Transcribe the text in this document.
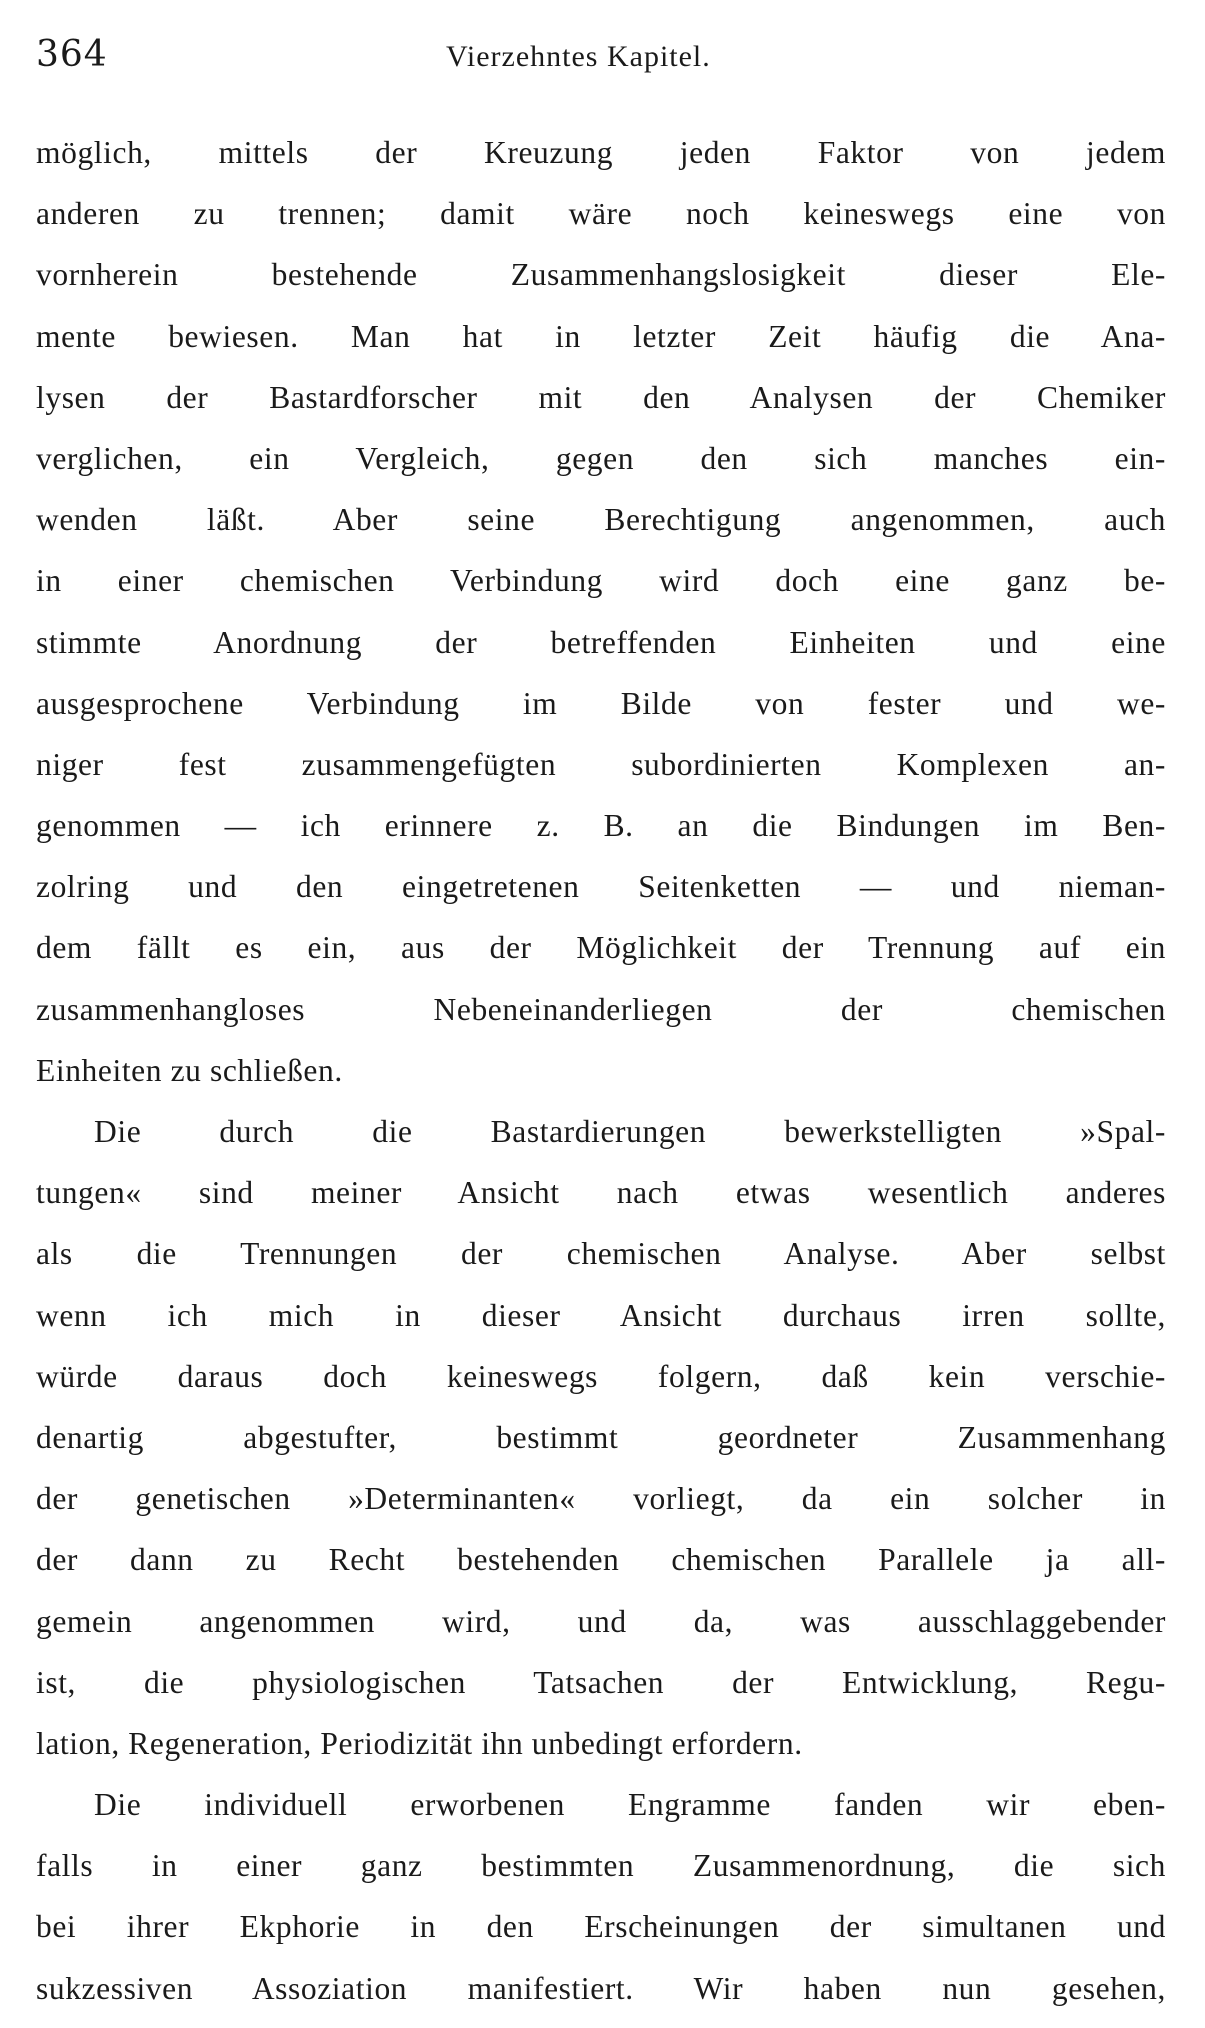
364	Vierzehntes Kapitel.
möglich, mittels der Kreuzung jeden Faktor von jedem
anderen zu trennen; damit wäre noch keineswegs eine von
vornherein bestehende Zusammenhangslosigkeit dieser Ele-
mente bewiesen. Man hat in letzter Zeit häufig die Ana-
lysen der Bastardforscher mit den Analysen der Chemiker
verglichen, ein Vergleich, gegen den sich manches ein-
wenden läßt. Aber seine Berechtigung angenommen, auch
in einer chemischen Verbindung wird doch eine ganz be-
stimmte Anordnung der betreffenden Einheiten und eine
ausgesprochene Verbindung im Bilde von fester und we-
niger fest zusammengefügten subordinierten Komplexen an-
genommen — ich erinnere z. B. an die Bindungen im Ben-
zolring und den eingetretenen Seitenketten — und nieman-
dem fällt es ein, aus der Möglichkeit der Trennung auf ein
zusammenhangloses Nebeneinanderliegen der chemischen
Einheiten zu schließen.
Die durch die Bastardierungen bewerkstelligten »Spal-
tungen« sind meiner Ansicht nach etwas wesentlich anderes
als die Trennungen der chemischen Analyse. Aber selbst
wenn ich mich in dieser Ansicht durchaus irren sollte,
würde daraus doch keineswegs folgern, daß kein verschie-
denartig abgestufter, bestimmt geordneter Zusammenhang
der genetischen »Determinanten« vorliegt, da ein solcher in
der dann zu Recht bestehenden chemischen Parallele ja all-
gemein angenommen wird, und da, was ausschlaggebender
ist, die physiologischen Tatsachen der Entwicklung, Regu-
lation, Regeneration, Periodizität ihn unbedingt erfordern.
Die individuell erworbenen Engramme fanden wir eben-
falls in einer ganz bestimmten Zusammenordnung, die sich
bei ihrer Ekphorie in den Erscheinungen der simultanen und
sukzessiven Assoziation manifestiert. Wir haben nun gesehen,
